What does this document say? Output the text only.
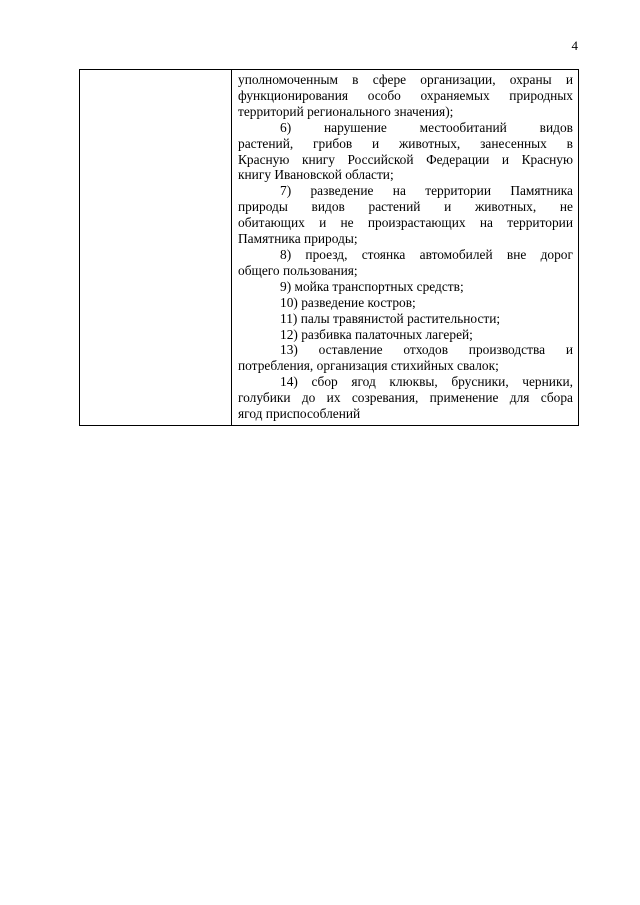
4

уполномоченным в сфере организации, охраны и
функционирования особо охраняемых природных
территорий регионального значения);

6) нарушение местообитаний видов
растений, грибов и животных, занесенных в
Красную книгу Российской Федерации и Красную
книгу Ивановской области;

7) разведение на территории Памятника
природы видов растений и животных, не
обитающих и не произрастающих на территории
Памятника природы;

8) проезд, стоянка автомобилей вне дорог
общего пользования;

9) мойка транспортных средств;

10) разведение костров;

11) палы травянистой растительности;

12) разбивка палаточных лагерей;

13) оставление отходов производства и
потребления, организация стихийных свалок;

14) сбор ягод клюквы, брусники, черники,
голубики до их созревания, применение для сбора
ягод приспособлений
